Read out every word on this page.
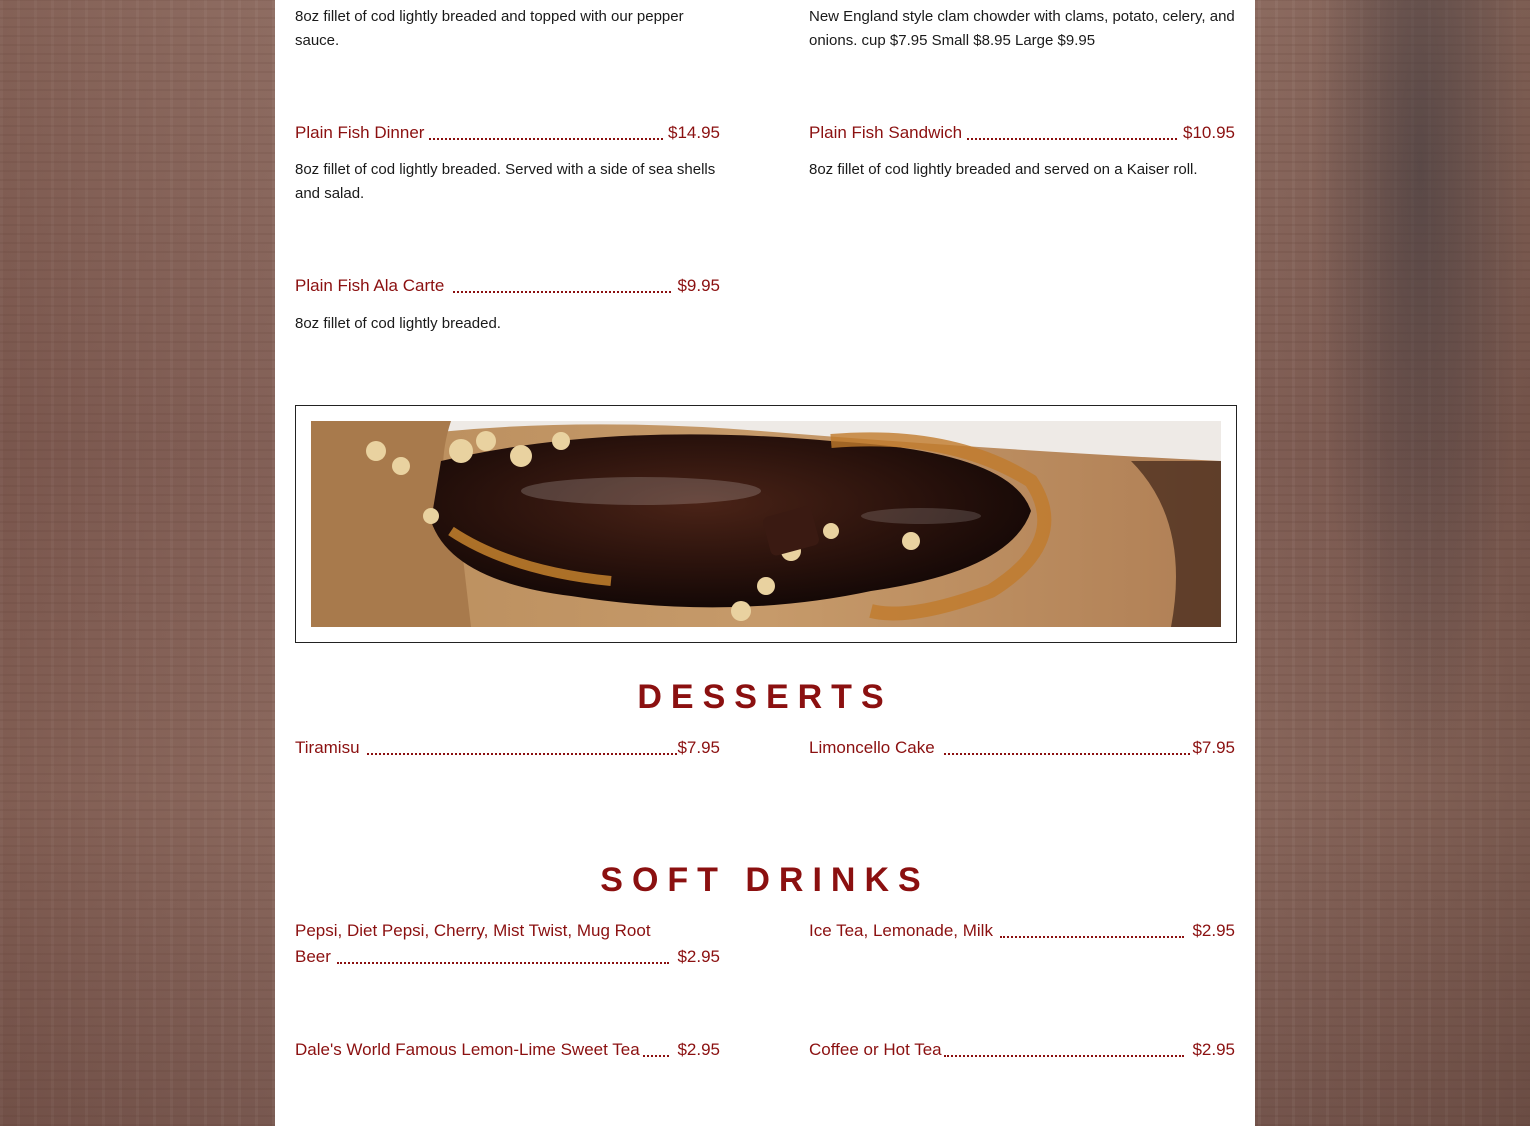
8oz fillet of cod lightly breaded and topped with our pepper sauce.
New England style clam chowder with clams, potato, celery, and onions. cup $7.95 Small $8.95 Large $9.95
Plain Fish Dinner	$14.95
8oz fillet of cod lightly breaded. Served with a side of sea shells and salad.
Plain Fish Sandwich	$10.95
8oz fillet of cod lightly breaded and served on a Kaiser roll.
Plain Fish Ala Carte	$9.95
8oz fillet of cod lightly breaded.
DESSERTS
Tiramisu	$7.95	Limoncello Cake	$7.95
SOFT DRINKS
Pepsi, Diet Pepsi, Cherry, Mist Twist, Mug Root
Beer	$2.95
Ice Tea, Lemonade, Milk	$2.95
Dale's World Famous Lemon-Lime Sweet Tea $2.95	Coffee or Hot Tea	$2.95
